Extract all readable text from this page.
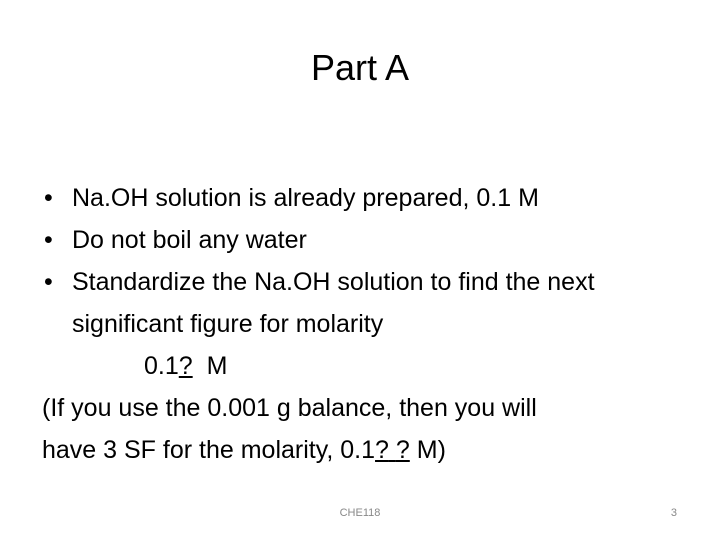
Part A
• Na.OH solution is already prepared, 0.1 M
• Do not boil any water
• Standardize the Na.OH solution to find the next
significant figure for molarity
0.1?  M
(If you use the 0.001 g balance, then you will
have 3 SF for the molarity, 0.1? ? M)
CHE118	3
